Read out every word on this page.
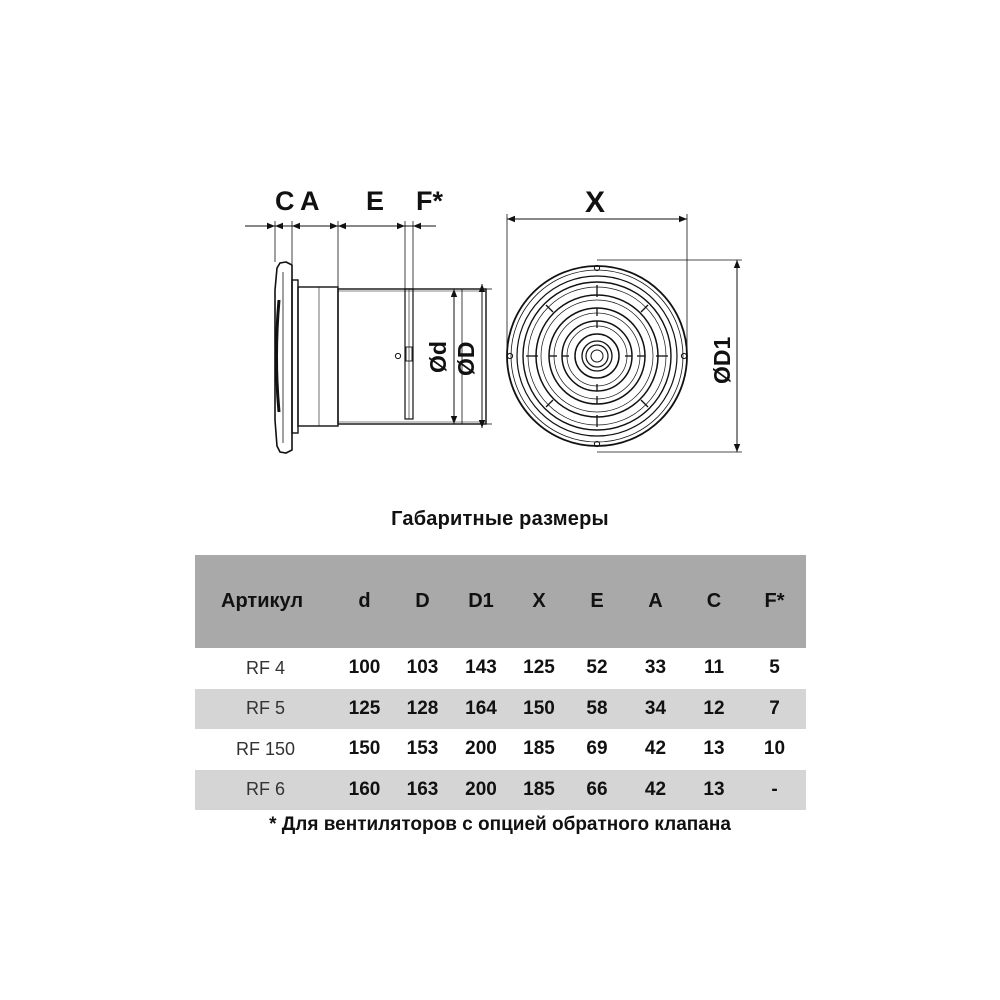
C A E F*
Ød ØD
X
ØD1
Габаритные размеры
Артикул	d	D	D1	X	E	A	C	F*
RF 4	100	103	143	125	52	33	11	5
RF 5	125	128	164	150	58	34	12	7
RF 150	150	153	200	185	69	42	13	10
RF 6	160	163	200	185	66	42	13	-
* Для вентиляторов с опцией обратного клапана
